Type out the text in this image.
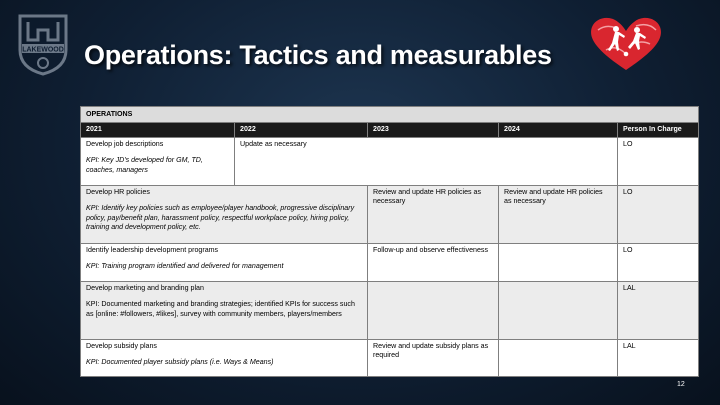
LAKEWOOD Operations: Tactics and measurables
OPERATIONS				
2021	2022	2023	2024	Person In Charge

Develop job descriptions
KPI: Key JD's developed for GM, TD, coaches, managers	Update as necessary			LO

Develop HR policies
KPI: Identify key policies such as employee/player handbook, progressive disciplinary policy, pay/benefit plan, harassment policy, respectful workplace policy, hiring policy, training and development policy, etc.		Review and update HR policies as necessary	Review and update HR policies as necessary	LO

Identify leadership development programs
KPI: Training program identified and delivered for management		Follow-up and observe effectiveness		LO

Develop marketing and branding plan
KPI: Documented marketing and branding strategies; identified KPIs for success such as [online: #followers, #likes], survey with community members, players/members				LAL

Develop subsidy plans
KPI: Documented player subsidy plans (i.e. Ways & Means)		Review and update subsidy plans as required		LAL
12
